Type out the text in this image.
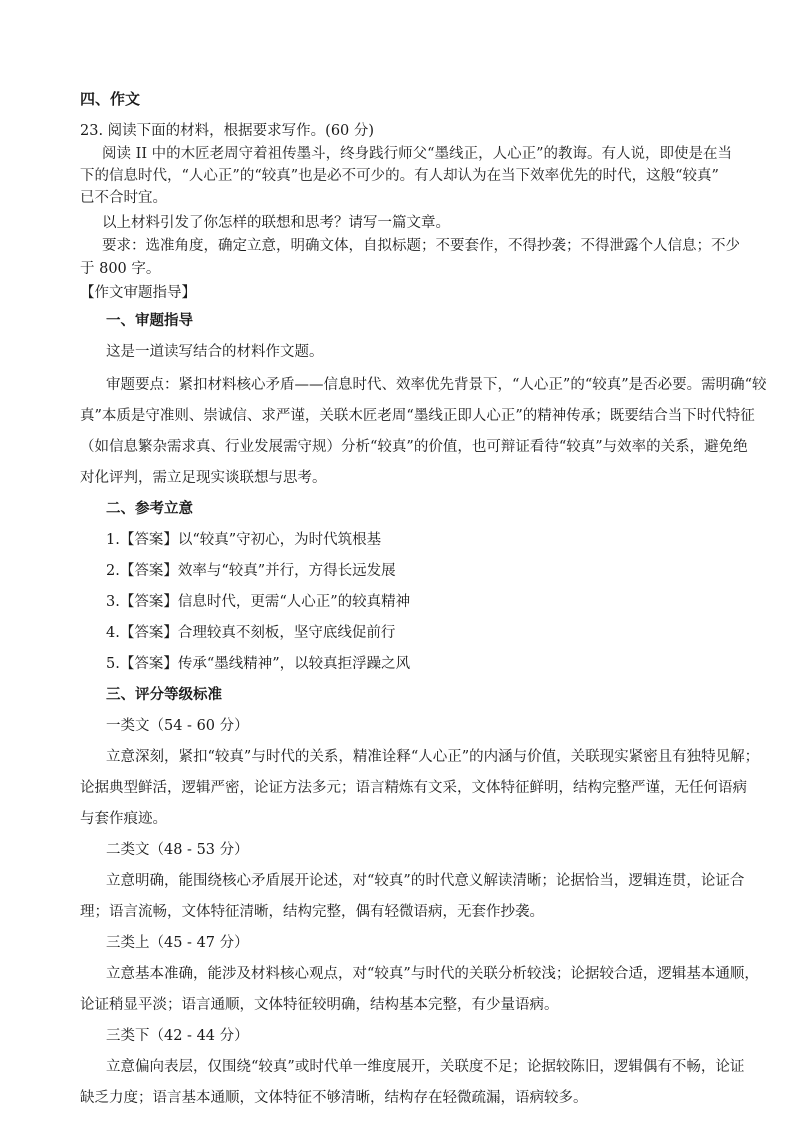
四、作文
23. 阅读下面的材料，根据要求写作。(60 分)
阅读 II 中的木匠老周守着祖传墨斗，终身践行师父“墨线正，人心正”的教诲。有人说，即使是在当
下的信息时代，“人心正”的“较真”也是必不可少的。有人却认为在当下效率优先的时代，这般“较真”
已不合时宜。
以上材料引发了你怎样的联想和思考？请写一篇文章。
要求：选准角度，确定立意，明确文体，自拟标题；不要套作，不得抄袭；不得泄露个人信息；不少
于 800 字。
【作文审题指导】
一、审题指导
这是一道读写结合的材料作文题。
审题要点：紧扣材料核心矛盾——信息时代、效率优先背景下，“人心正”的“较真”是否必要。需明确“较
真”本质是守准则、崇诚信、求严谨，关联木匠老周“墨线正即人心正”的精神传承；既要结合当下时代特征
（如信息繁杂需求真、行业发展需守规）分析“较真”的价值，也可辩证看待“较真”与效率的关系，避免绝
对化评判，需立足现实谈联想与思考。
二、参考立意
1.【答案】以“较真”守初心，为时代筑根基
2.【答案】效率与“较真”并行，方得长远发展
3.【答案】信息时代，更需“人心正”的较真精神
4.【答案】合理较真不刻板，坚守底线促前行
5.【答案】传承“墨线精神”，以较真拒浮躁之风
三、评分等级标准
一类文（54 - 60 分）
立意深刻，紧扣“较真”与时代的关系，精准诠释“人心正”的内涵与价值，关联现实紧密且有独特见解；
论据典型鲜活，逻辑严密，论证方法多元；语言精炼有文采，文体特征鲜明，结构完整严谨，无任何语病
与套作痕迹。
二类文（48 - 53 分）
立意明确，能围绕核心矛盾展开论述，对“较真”的时代意义解读清晰；论据恰当，逻辑连贯，论证合
理；语言流畅，文体特征清晰，结构完整，偶有轻微语病，无套作抄袭。
三类上（45 - 47 分）
立意基本准确，能涉及材料核心观点，对“较真”与时代的关联分析较浅；论据较合适，逻辑基本通顺，
论证稍显平淡；语言通顺，文体特征较明确，结构基本完整，有少量语病。
三类下（42 - 44 分）
立意偏向表层，仅围绕“较真”或时代单一维度展开，关联度不足；论据较陈旧，逻辑偶有不畅，论证
缺乏力度；语言基本通顺，文体特征不够清晰，结构存在轻微疏漏，语病较多。
